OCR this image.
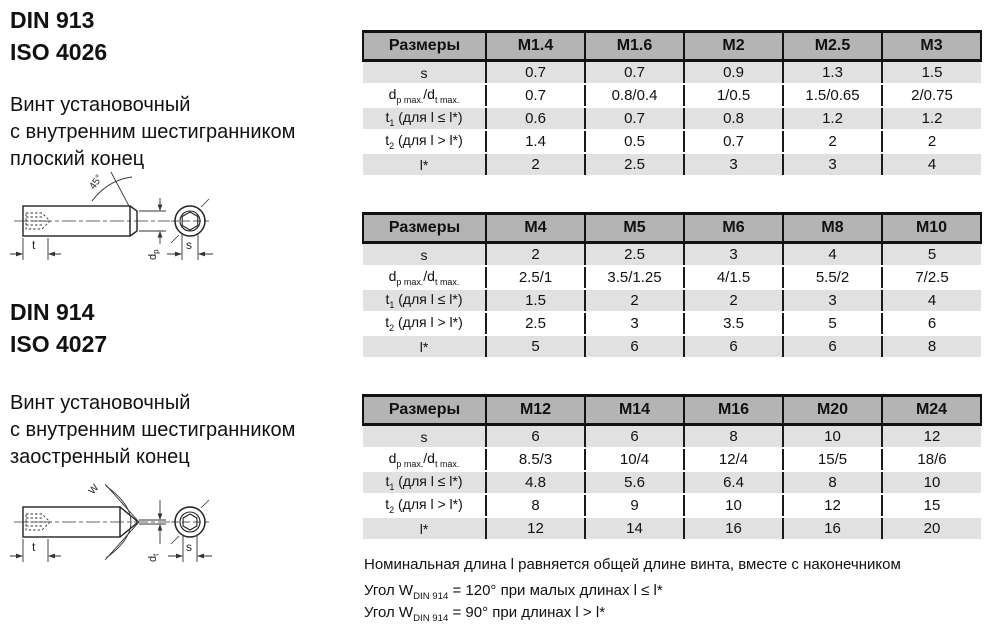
DIN 913
ISO 4026
Винт установочный
с внутренним шестигранником
плоский конец
45°
t
$d_p$ s
DIN 914
ISO 4027
Винт установочный
с внутренним шестигранником
заостренный конец
W
t
$d_t$
s
Размеры	M1.4	M1.6	M2	M2.5	M3
s	0.7	0.7	0.9	1.3	1.5
$d_{p max.}/d_{t max.}$	0.7	0.8/0.4	1/0.5	1.5/0.65	2/0.75
$t_1$ (для l ≤ l*)	0.6	0.7	0.8	1.2	1.2
$t_2$ (для l > l*)	1.4	0.5	0.7	2	2
l*	2	2.5	3	3	4
Размеры	M4	M5	M6	M8	M10
s	2	2.5	3	4	5
$d_{p max.}/d_{t max.}$	2.5/1	3.5/1.25	4/1.5	5.5/2	7/2.5
$t_1$ (для l ≤ l*)	1.5	2	2	3	4
$t_2$ (для l > l*)	2.5	3	3.5	5	6
l*	5	6	6	6	8
Размеры	M12	M14	M16	M20	M24
s	6	6	8	10	12
$d_{p max.}/d_{t max.}$	8.5/3	10/4	12/4	15/5	18/6
$t_1$ (для l ≤ l*)	4.8	5.6	6.4	8	10
$t_2$ (для l > l*)	8	9	10	12	15
l*	12	14	16	16	20
Номинальная длина l равняется общей длине винта, вместе с наконечником
Угол $W_{DIN 914} = 120^\circ$ при малых длинах l ≤ l*
Угол $W_{DIN 914} = 90^\circ$ при длинах l > l*
